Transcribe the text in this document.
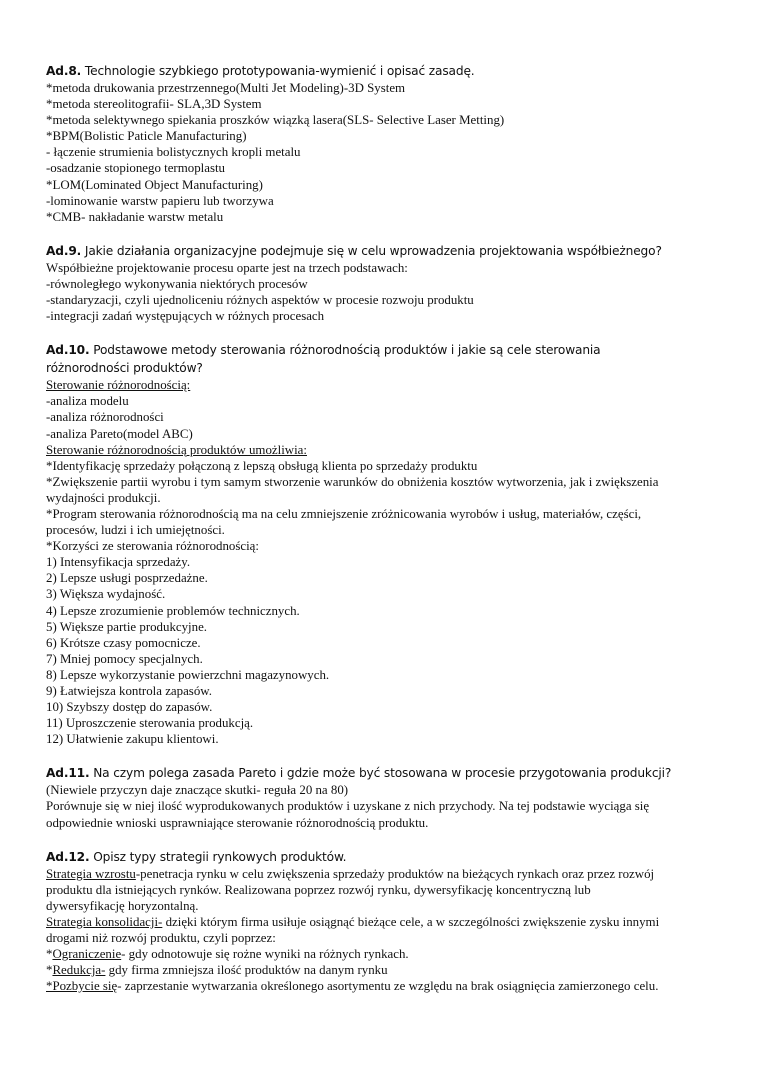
Ad.8. Technologie szybkiego prototypowania-wymienić i opisać zasadę.

*metoda drukowania przestrzennego(Multi Jet Modeling)-3D System

*metoda stereolitografii- SLA,3D System

*metoda selektywnego spiekania proszków wiązką lasera(SLS- Selective Laser Metting)

*BPM(Bolistic Paticle Manufacturing)

- łączenie strumienia bolistycznych kropli metalu

-osadzanie stopionego termoplastu

*LOM(Lominated Object Manufacturing)

-lominowanie warstw papieru lub tworzywa

*CMB- nakładanie warstw metalu

Ad.9. Jakie działania organizacyjne podejmuje się w celu wprowadzenia projektowania współbieżnego?

Współbieżne projektowanie procesu oparte jest na trzech podstawach:

-równoległego wykonywania niektórych procesów

-standaryzacji, czyli ujednoliceniu różnych aspektów w procesie rozwoju produktu

-integracji zadań występujących w różnych procesach

Ad.10. Podstawowe metody sterowania różnorodnością produktów i jakie są cele sterowania

różnorodności produktów?

Sterowanie różnorodnością:

-analiza modelu

-analiza różnorodności

-analiza Pareto(model ABC)

Sterowanie różnorodnością produktów umożliwia:

*Identyfikację sprzedaży połączoną z lepszą obsługą klienta po sprzedaży produktu

*Zwiększenie partii wyrobu i tym samym stworzenie warunków do obniżenia kosztów wytworzenia, jak i zwiększenia

wydajności produkcji.

*Program sterowania różnorodnością ma na celu zmniejszenie zróżnicowania wyrobów i usług, materiałów, części,

procesów, ludzi i ich umiejętności.

*Korzyści ze sterowania różnorodnością:

1) Intensyfikacja sprzedaży.

2) Lepsze usługi posprzedażne.

3) Większa wydajność.

4) Lepsze zrozumienie problemów technicznych.

5) Większe partie produkcyjne.

6) Krótsze czasy pomocnicze.

7) Mniej pomocy specjalnych.

8) Lepsze wykorzystanie powierzchni magazynowych.

9) Łatwiejsza kontrola zapasów.

10) Szybszy dostęp do zapasów.

11) Uproszczenie sterowania produkcją.

12) Ułatwienie zakupu klientowi.

Ad.11. Na czym polega zasada Pareto i gdzie może być stosowana w procesie przygotowania produkcji?

(Niewiele przyczyn daje znaczące skutki- reguła 20 na 80)

Porównuje się w niej ilość wyprodukowanych produktów i uzyskane z nich przychody. Na tej podstawie wyciąga się

odpowiednie wnioski usprawniające sterowanie różnorodnością produktu.

Ad.12. Opisz typy strategii rynkowych produktów.

Strategia wzrostu-penetracja rynku w celu zwiększenia sprzedaży produktów na bieżących rynkach oraz przez rozwój

produktu dla istniejących rynków. Realizowana poprzez rozwój rynku, dywersyfikację koncentryczną lub

dywersyfikację horyzontalną.

Strategia konsolidacji- dzięki którym firma usiłuje osiągnąć bieżące cele, a w szczególności zwiększenie zysku innymi

drogami niż rozwój produktu, czyli poprzez:

*Ograniczenie- gdy odnotowuje się rożne wyniki na różnych rynkach.

*Redukcja- gdy firma zmniejsza ilość produktów na danym rynku

*Pozbycie się- zaprzestanie wytwarzania określonego asortymentu ze względu na brak osiągnięcia zamierzonego celu.
